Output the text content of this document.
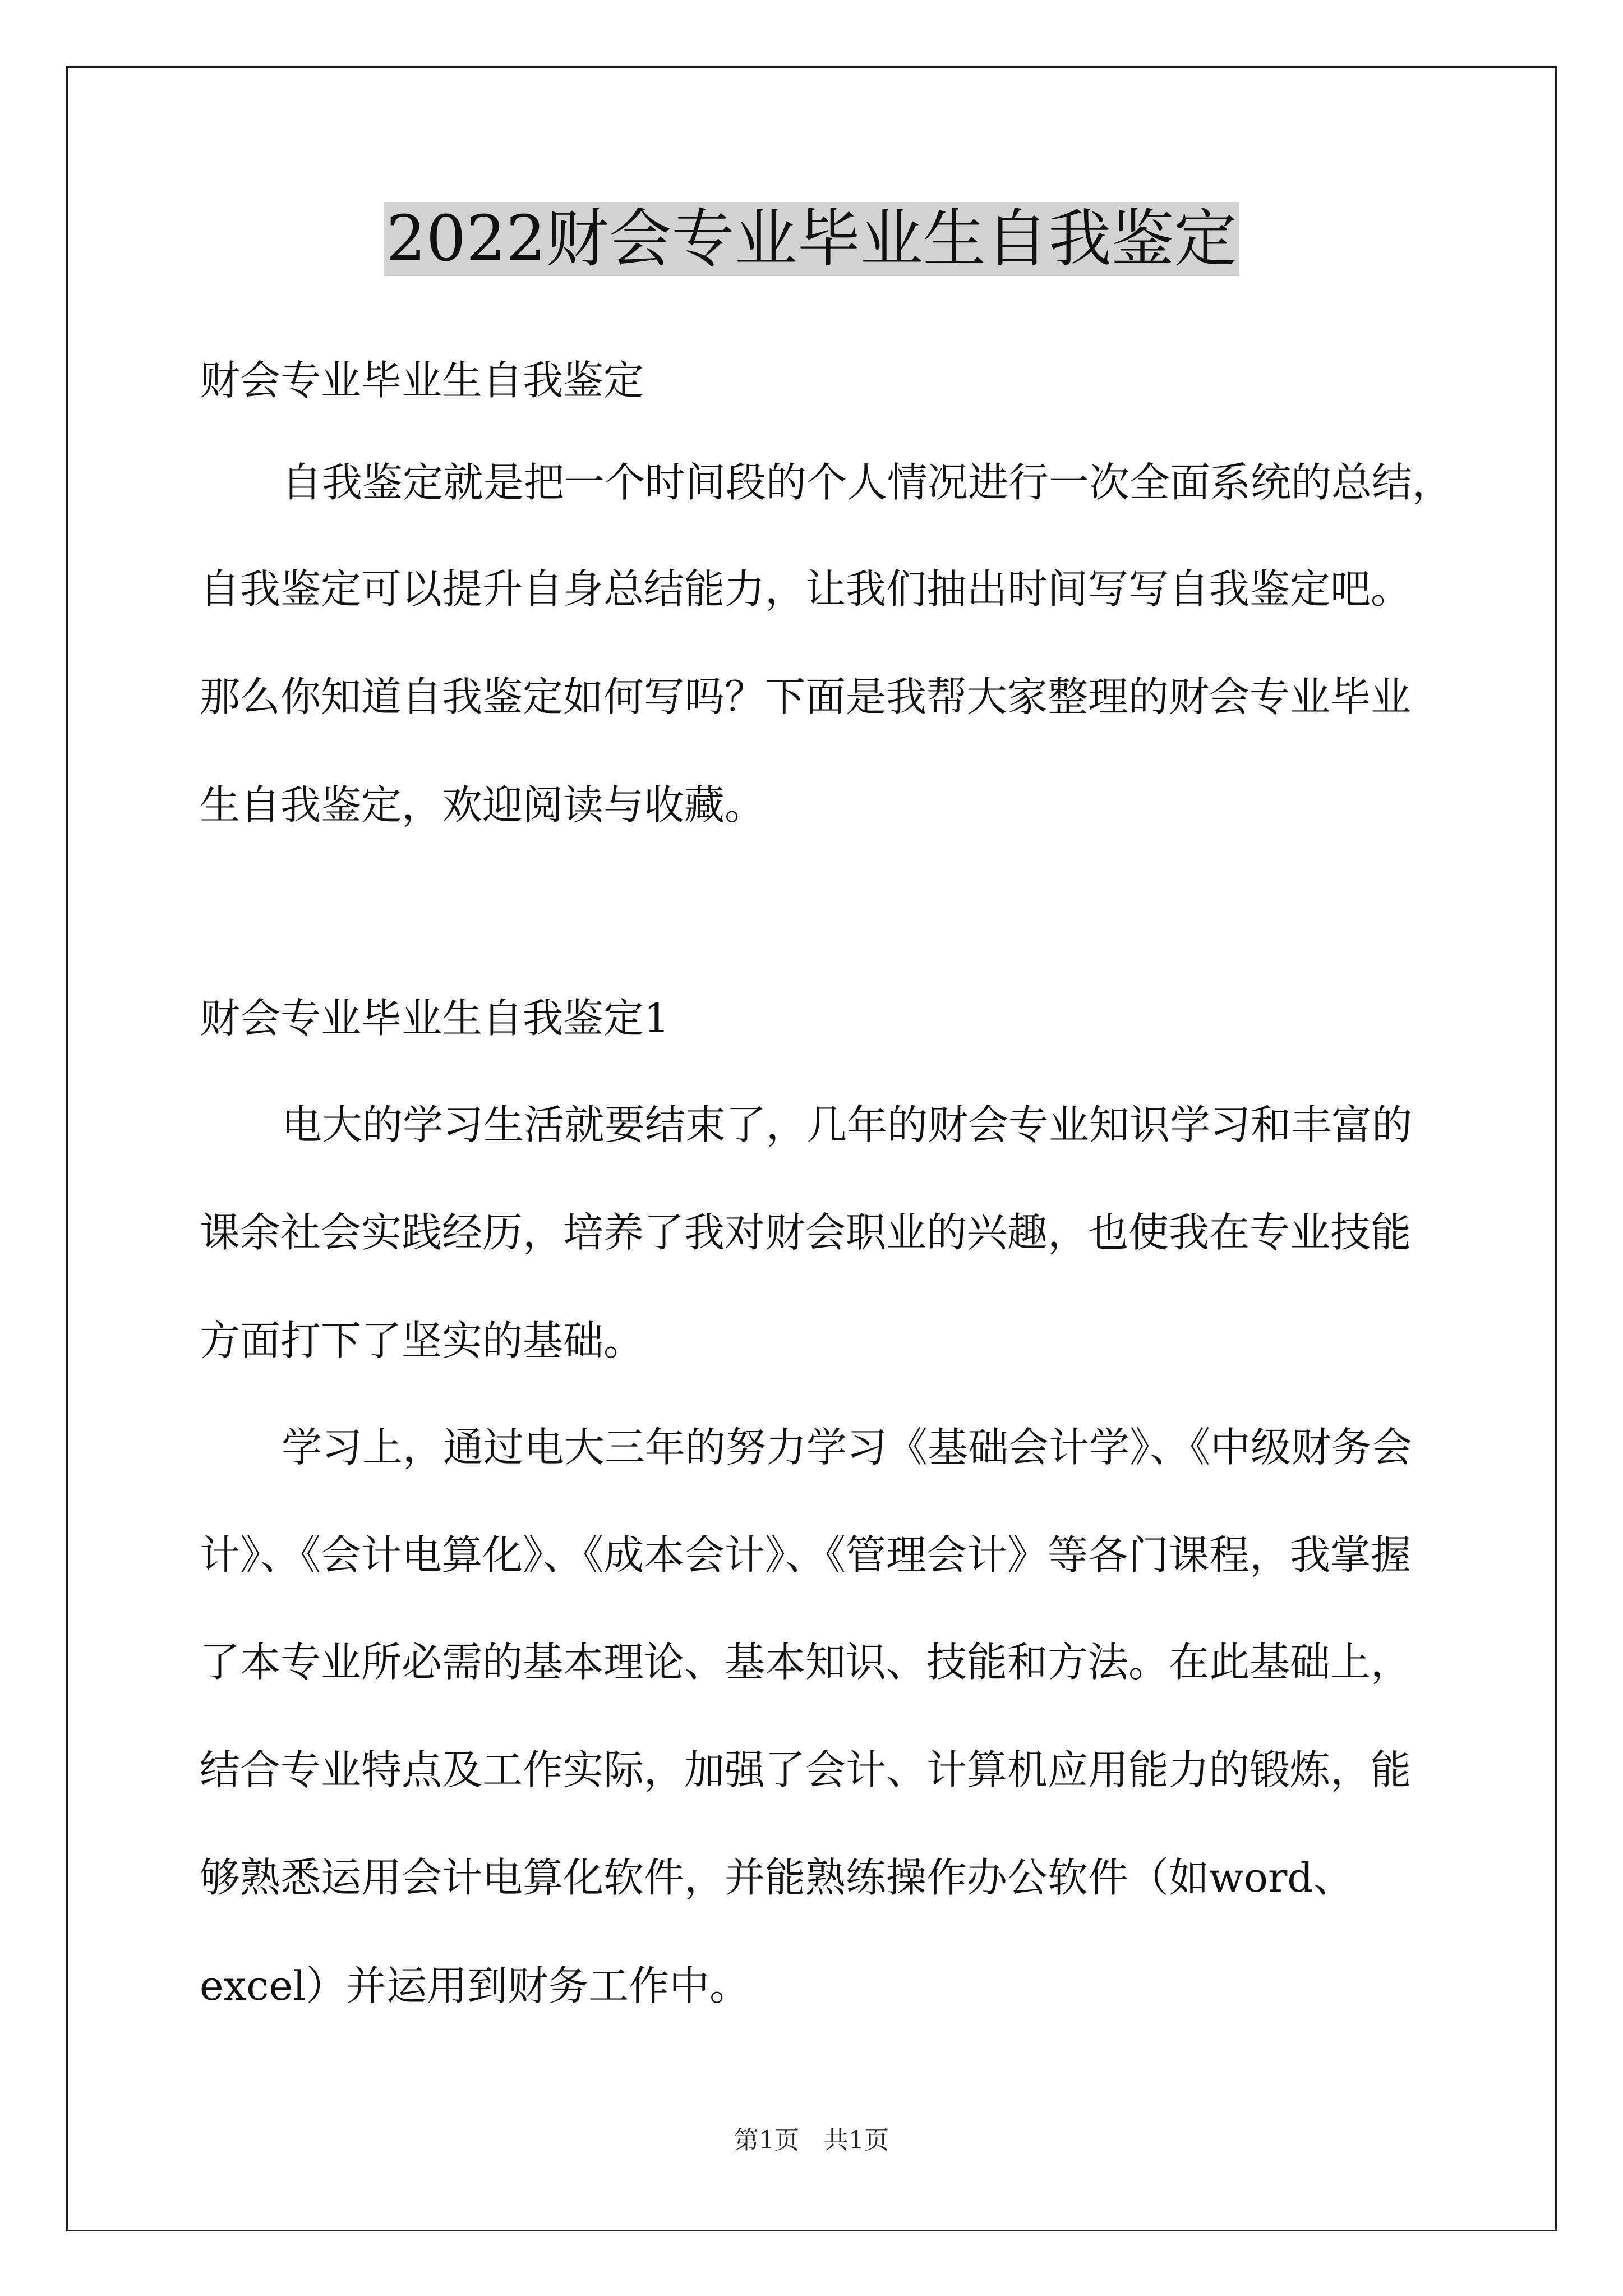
2022财会专业毕业生自我鉴定
财会专业毕业生自我鉴定
自我鉴定就是把一个时间段的个人情况进行一次全面系统的总结，
自我鉴定可以提升自身总结能力，让我们抽出时间写写自我鉴定吧。
那么你知道自我鉴定如何写吗？下面是我帮大家整理的财会专业毕业
生自我鉴定，欢迎阅读与收藏。
财会专业毕业生自我鉴定1
电大的学习生活就要结束了，几年的财会专业知识学习和丰富的
课余社会实践经历，培养了我对财会职业的兴趣，也使我在专业技能
方面打下了坚实的基础。
学习上，通过电大三年的努力学习《基础会计学》、《中级财务会
计》、《会计电算化》、《成本会计》、《管理会计》等各门课程，我掌握
了本专业所必需的基本理论、基本知识、技能和方法。在此基础上，
结合专业特点及工作实际，加强了会计、计算机应用能力的锻炼，能
够熟悉运用会计电算化软件，并能熟练操作办公软件（如word、
excel）并运用到财务工作中。
第1页　共1页
